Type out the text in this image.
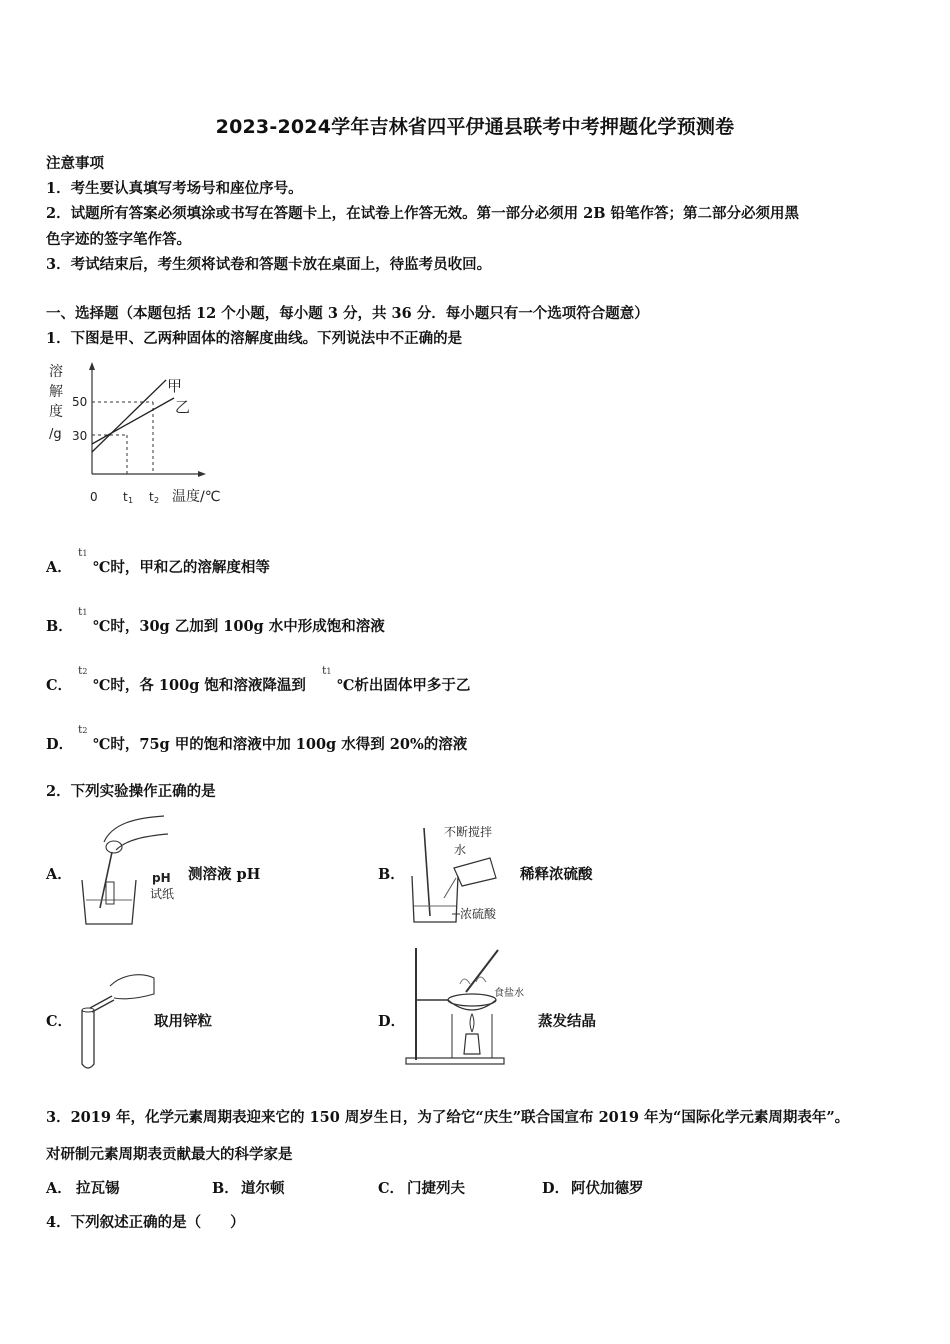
2023-2024学年吉林省四平伊通县联考中考押题化学预测卷
注意事项
1．考生要认真填写考场号和座位序号。
2．试题所有答案必须填涂或书写在答题卡上，在试卷上作答无效。第一部分必须用 2B 铅笔作答；第二部分必须用黑
色字迹的签字笔作答。
3．考试结束后，考生须将试卷和答题卡放在桌面上，待监考员收回。
一、选择题（本题包括 12 个小题，每小题 3 分，共 36 分．每小题只有一个选项符合题意）
1．下图是甲、乙两种固体的溶解度曲线。下列说法中不正确的是
溶
解
度
/g
50
30
甲
乙
0 t 1 t 2 温度/℃
A．
t1
℃时，甲和乙的溶解度相等
B．
t1
℃时，30g 乙加到 100g 水中形成饱和溶液
C．
t2
℃时，各 100g 饱和溶液降温到
t1
℃析出固体甲多于乙
D．
t2
℃时，75g 甲的饱和溶液中加 100g 水得到 20%的溶液
2．下列实验操作正确的是
A．	pH
试纸
测溶液 pH	B．
不断搅拌
水
浓硫酸
稀释浓硫酸
C．	取用锌粒	D．
食盐水
蒸发结晶
3．2019 年，化学元素周期表迎来它的 150 周岁生日，为了给它“庆生”联合国宣布 2019 年为“国际化学元素周期表年”。
对研制元素周期表贡献最大的科学家是
A． 拉瓦锡	B． 道尔顿	C． 门捷列夫	D． 阿伏加德罗
4．下列叙述正确的是（　　）
